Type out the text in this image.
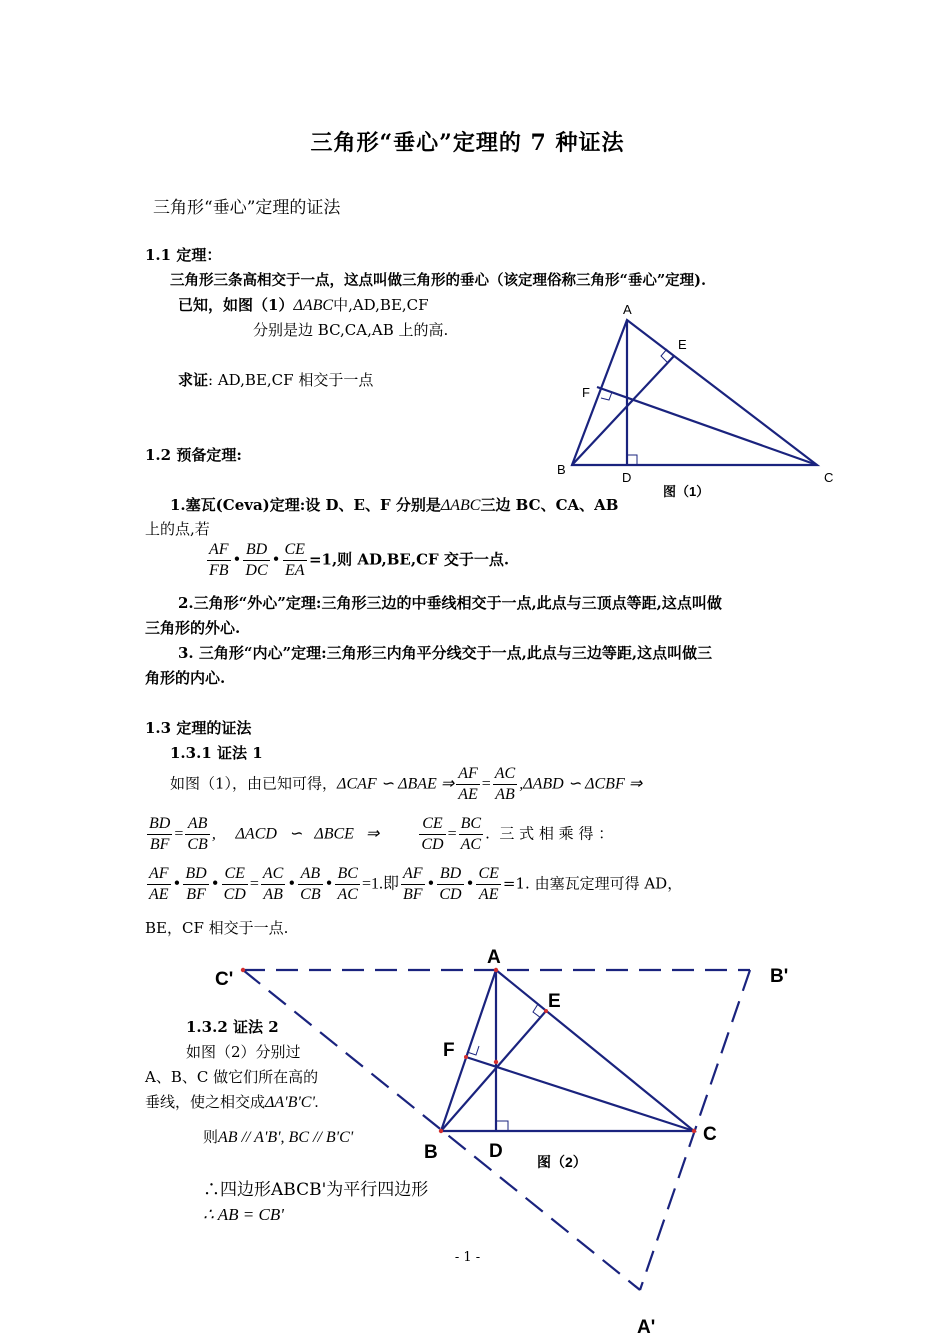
三角形“垂心”定理的 7 种证法
三角形“垂心”定理的证法
1.1 定理：
三角形三条高相交于一点，这点叫做三角形的垂心（该定理俗称三角形“垂心”定理).
已知，如图（1）ΔABC中,AD,BE,CF
分别是边 BC,CA,AB 上的高.
求证: AD,BE,CF 相交于一点
1.2 预备定理:
1.塞瓦(Ceva)定理:设 D、E、F 分别是ΔABC三边 BC、CA、AB
上的点,若
$\frac{AF}{FB}$ • $\frac{BD}{DC}$ • $\frac{CE}{EA} =1$,则 AD,BE,CF 交于一点.
2.三角形“外心”定理:三角形三边的中垂线相交于一点,此点与三顶点等距,这点叫做
三角形的外心.
3. 三角形“内心”定理:三角形三内角平分线交于一点,此点与三边等距,这点叫做三
角形的内心.
1.3 定理的证法
1.3.1 证法 1
如图（1），由已知可得，ΔCAF ∽ ΔBAE ⇒ $\frac{AF}{AE} = \frac{AC}{AB} ,\Delta ABD$ ∽ ΔCBF ⇒
$\frac{BD}{BF} = \frac{AB}{CB}$ ,     ΔACD   ∽   ΔBCE   ⇒	$\frac{CE}{CD} = \frac{BC}{AC}$ .  三 式 相 乘 得 ：
$\frac{AF}{AE}$ • $\frac{BD}{BF}$ • $\frac{CE}{CD} = \frac{AC}{AB}$ • $\frac{AB}{CB}$ • $\frac{BC}{AC} =1$.即 $\frac{AF}{BF}$ • $\frac{BD}{CD}$ • $\frac{CE}{AE} =1$. 由塞瓦定理可得 AD，
BE，CF 相交于一点.
1.3.2 证法 2
如图（2）分别过
A、B、C 做它们所在高的
垂线，使之相交成ΔA'B'C'.
则AB // A'B', BC // B'C'
∴四边形ABCB'为平行四边形
∴ AB = CB'
- 1 -
A
B
C
D
E
F
图（1）
A
B
C
D
E
F
A'
B'
C'
图（2）
